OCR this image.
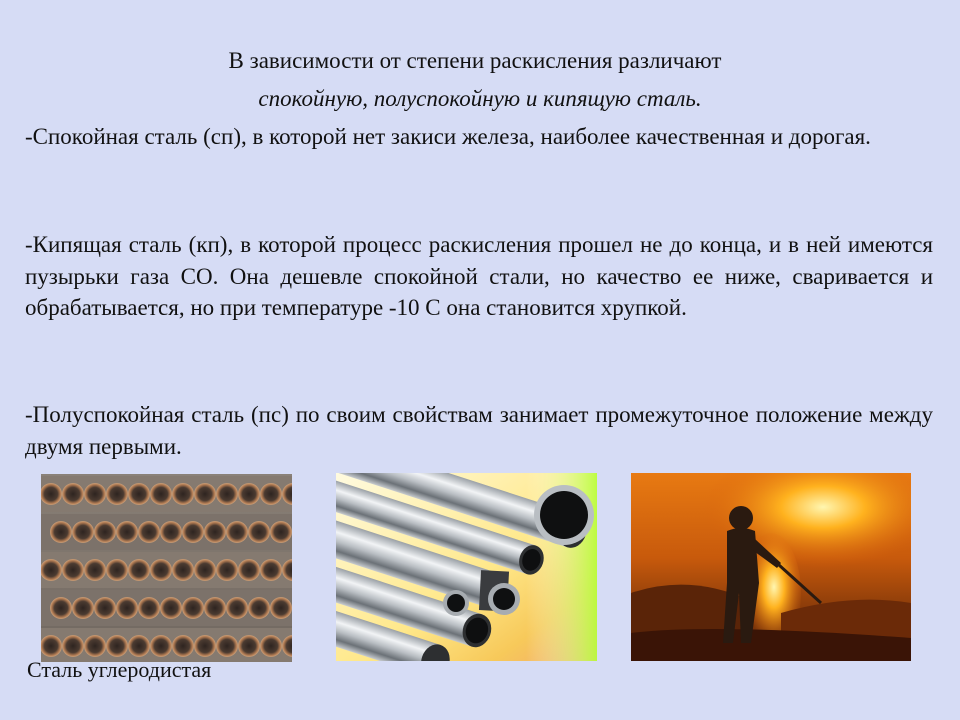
В зависимости от степени раскисления различают
спокойную, полуспокойную и кипящую сталь.
-Спокойная сталь (сп), в которой нет закиси железа, наиболее качественная и дорогая.
-Кипящая сталь (кп), в которой процесс раскисления прошел не до конца, и в ней имеются пузырьки газа CO. Она дешевле спокойной стали, но качество ее ниже, сваривается и обрабатывается, но при температуре -10 С она становится хрупкой.
-Полуспокойная сталь (пс) по своим свойствам занимает промежуточное положение между двумя первыми.
Сталь углеродистая
